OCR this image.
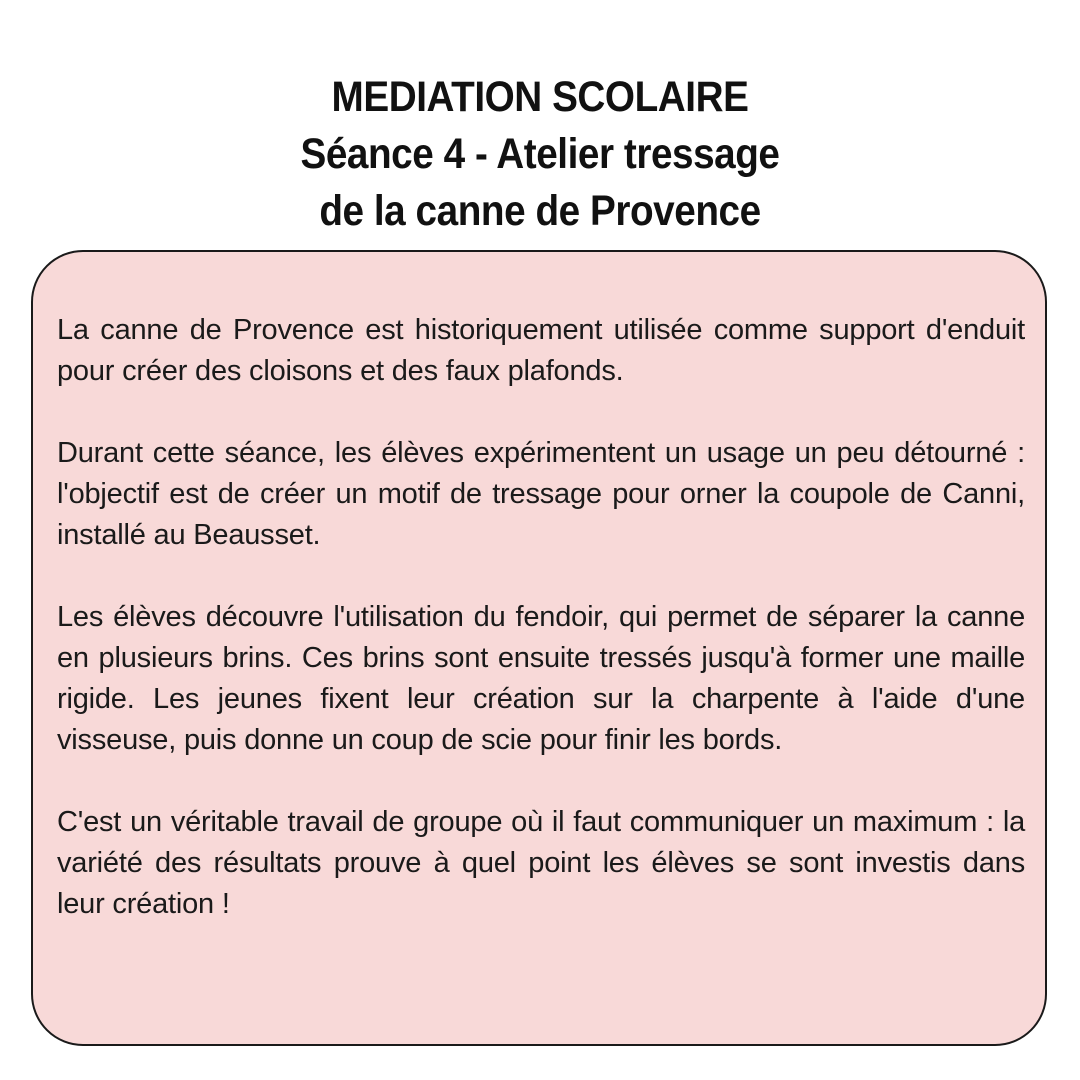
MEDIATION SCOLAIRE
Séance 4 - Atelier tressage
de la canne de Provence

La canne de Provence est historiquement utilisée comme support d'enduit pour créer des cloisons et des faux plafonds.

Durant cette séance, les élèves expérimentent un usage un peu détourné : l'objectif est de créer un motif de tressage pour orner la coupole de Canni, installé au Beausset.

Les élèves découvre l'utilisation du fendoir, qui permet de séparer la canne en plusieurs brins. Ces brins sont ensuite tressés jusqu'à former une maille rigide. Les jeunes fixent leur création sur la charpente à l'aide d'une visseuse, puis donne un coup de scie pour finir les bords.

C'est un véritable travail de groupe où il faut communiquer un maximum : la variété des résultats prouve à quel point les élèves se sont investis dans leur création !
